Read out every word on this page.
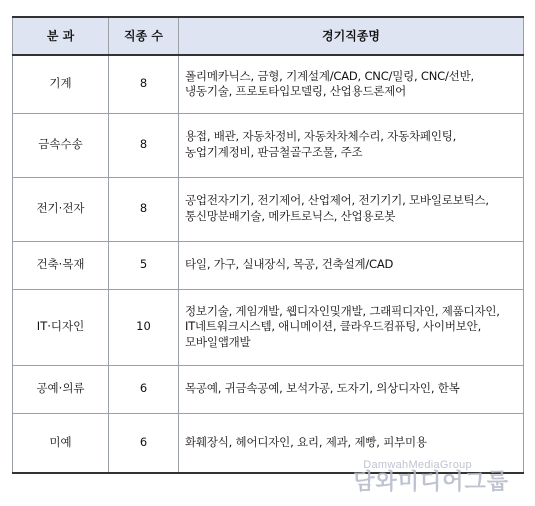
분 과	직종 수	경기직종명
기계	8	폴리메카닉스, 금형, 기계설계/CAD, CNC/밀링, CNC/선반,
냉동기술, 프로토타입모델링, 산업용드론제어

금속수송	8	용접, 배관, 자동차정비, 자동차차체수리, 자동차페인팅,
농업기계정비, 판금철골구조물, 주조

전기·전자	8	공업전자기기, 전기제어, 산업제어, 전기기기, 모바일로보틱스,
통신망분배기술, 메카트로닉스, 산업용로봇

건축·목재	5	타일, 가구, 실내장식, 목공, 건축설계/CAD

IT·디자인	10	정보기술, 게임개발, 웹디자인및개발, 그래픽디자인, 제품디자인,
IT네트워크시스템, 애니메이션, 클라우드컴퓨팅, 사이버보안,
모바일앱개발

공예·의류	6	목공예, 귀금속공예, 보석가공, 도자기, 의상디자인, 한복

미예	6	화훼장식, 헤어디자인, 요리, 제과, 제빵, 피부미용
DamwahMediaGroup
담와미디어그룹
